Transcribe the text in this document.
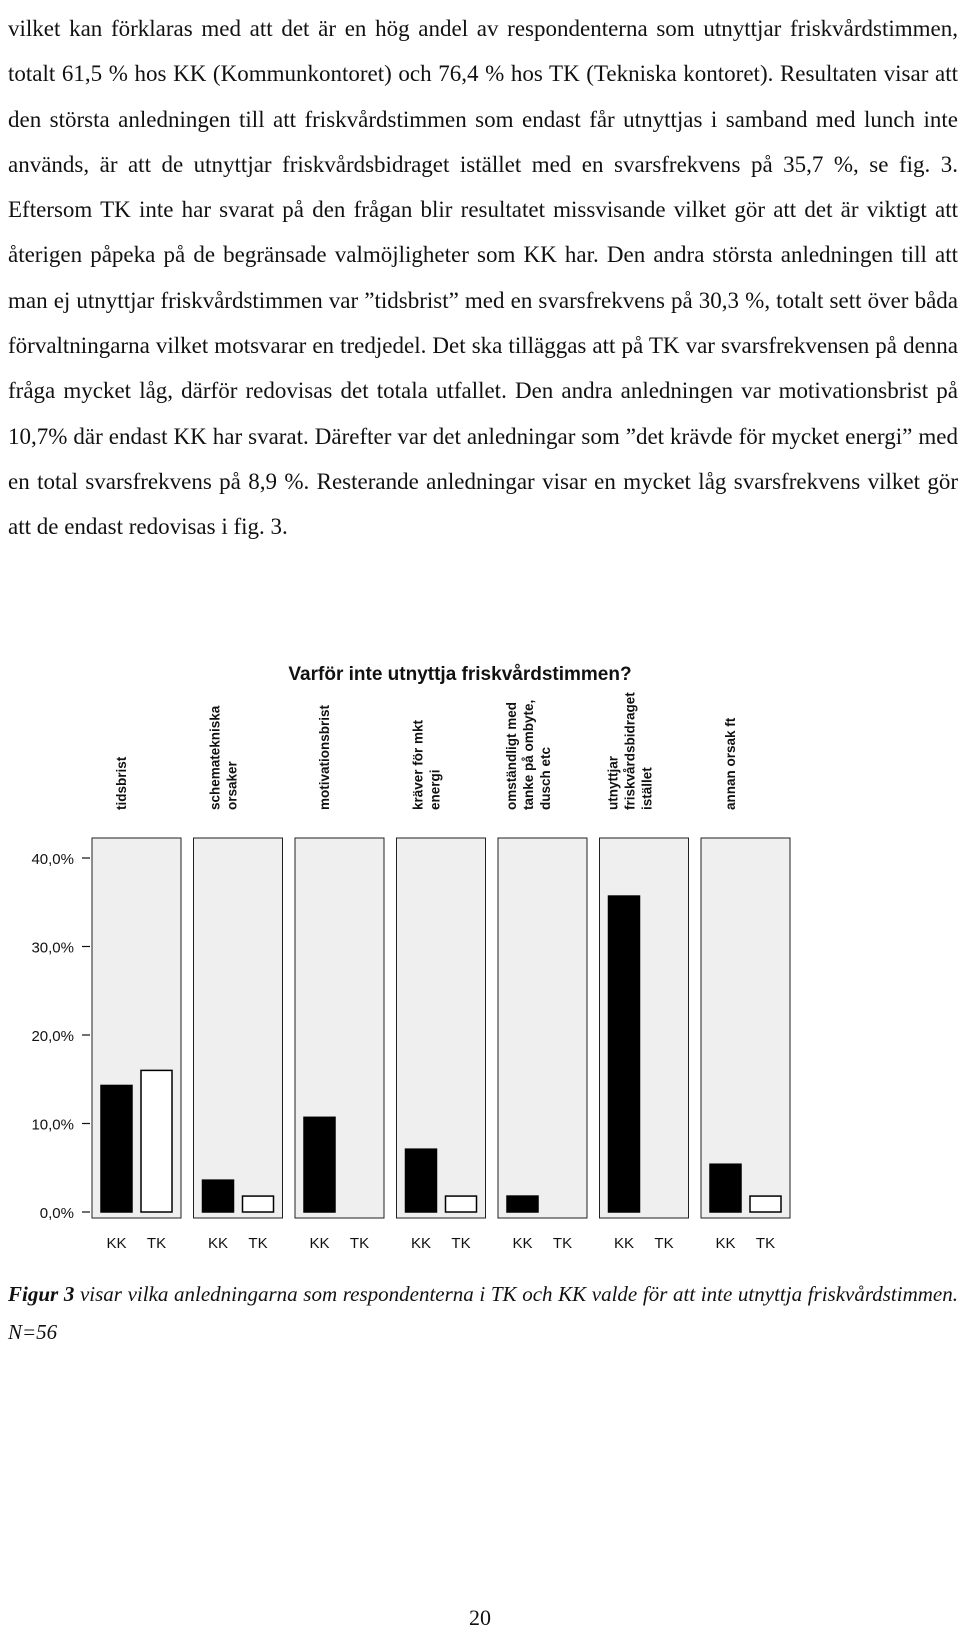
vilket kan förklaras med att det är en hög andel av respondenterna som utnyttjar friskvårdstimmen, totalt 61,5 % hos KK (Kommunkontoret) och 76,4 % hos TK (Tekniska kontoret). Resultaten visar att den största anledningen till att friskvårdstimmen som endast får utnyttjas i samband med lunch inte används, är att de utnyttjar friskvårdsbidraget istället med en svarsfrekvens på 35,7 %, se fig. 3. Eftersom TK inte har svarat på den frågan blir resultatet missvisande vilket gör att det är viktigt att återigen påpeka på de begränsade valmöjligheter som KK har. Den andra största anledningen till att man ej utnyttjar friskvårdstimmen var ”tidsbrist” med en svarsfrekvens på 30,3 %, totalt sett över båda förvaltningarna vilket motsvarar en tredjedel. Det ska tilläggas att på TK var svarsfrekvensen på denna fråga mycket låg, därför redovisas det totala utfallet. Den andra anledningen var motivationsbrist på 10,7% där endast KK har svarat. Därefter var det anledningar som ”det krävde för mycket energi” med en total svarsfrekvens på 8,9 %. Resterande anledningar visar en mycket låg svarsfrekvens vilket gör att de endast redovisas i fig. 3.

Varför inte utnyttja friskvårdstimmen?
0,0%
10,0%
20,0%
30,0%
40,0%
tidsbrist
KK TK
schematekniska orsaker
KK TK
motivationsbrist
KK TK
kräver för mkt energi
KK TK
omständligt med tanke på ombyte, dusch etc
KK TK
utnyttjar friskvårdsbidraget istället
KK TK
annan orsak ft
KK TK

Figur 3 visar vilka anledningarna som respondenterna i TK och KK valde för att inte utnyttja friskvårdstimmen. N=56

20
